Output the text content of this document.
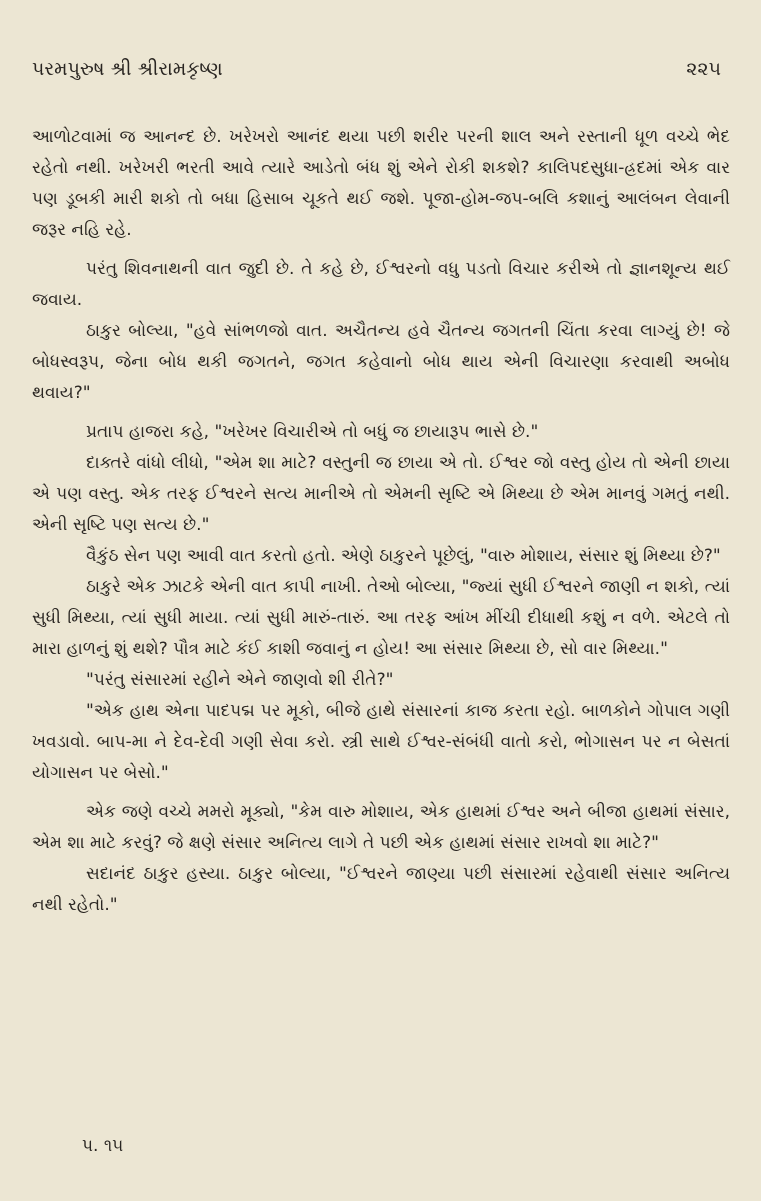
પરમપુરુષ શ્રી શ્રીરામકૃષ્ણ	૨૨૫

આળોટવામાં જ આનન્દ છે. ખરેખરો આનંદ થયા પછી શરીર પરની શાલ અને રસ્તાની ધૂળ વચ્ચે ભેદ રહેતો નથી. ખરેખરી ભરતી આવે ત્યારે આડેતો બંધ શું એને રોકી શકશે? કાલિપદસુધા-હ્રદમાં એક વાર પણ ડૂબકી મારી શકો તો બધા હિસાબ ચૂકતે થઈ જશે. પૂજા-હોમ-જપ-બલિ કશાનું આલંબન લેવાની જરૂર નહિ રહે.

પરંતુ શિવનાથની વાત જુદી છે. તે કહે છે, ઈશ્વરનો વધુ પડતો વિચાર કરીએ તો જ્ઞાનશૂન્ય થઈ જવાય.

ઠાકુર બોલ્યા, "હવે સાંભળજો વાત. અચૈતન્ય હવે ચૈતન્ય જગતની ચિંતા કરવા લાગ્યું છે! જે બોધસ્વરૂપ, જેના બોધ થકી જગતને, જગત કહેવાનો બોધ થાય એની વિચારણા કરવાથી અબોધ થવાય?"

પ્રતાપ હાજરા કહે, "ખરેખર વિચારીએ તો બધું જ છાયારૂપ ભાસે છે."

દાક્તરે વાંધો લીધો, "એમ શા માટે? વસ્તુની જ છાયા એ તો. ઈશ્વર જો વસ્તુ હોય તો એની છાયા એ પણ વસ્તુ. એક તરફ ઈશ્વરને સત્ય માનીએ તો એમની સૃષ્ટિ એ મિથ્યા છે એમ માનવું ગમતું નથી. એની સૃષ્ટિ પણ સત્ય છે."

વૈકુંઠ સેન પણ આવી વાત કરતો હતો. એણે ઠાકુરને પૂછેલું, "વારુ મોશાય, સંસાર શું મિથ્યા છે?"

ઠાકુરે એક ઝાટકે એની વાત કાપી નાખી. તેઓ બોલ્યા, "જ્યાં સુધી ઈશ્વરને જાણી ન શકો, ત્યાં સુધી મિથ્યા, ત્યાં સુધી માયા. ત્યાં સુધી મારું-તારું. આ તરફ આંખ મીંચી દીધાથી કશું ન વળે. એટલે તો મારા હાળનું શું થશે? પૌત્ર માટે કંઈ કાશી જવાનું ન હોય! આ સંસાર મિથ્યા છે, સો વાર મિથ્યા."

"પરંતુ સંસારમાં રહીને એને જાણવો શી રીતે?"

"એક હાથ એના પાદપદ્મ પર મૂકો, બીજે હાથે સંસારનાં કાજ કરતા રહો. બાળકોને ગોપાલ ગણી ખવડાવો. બાપ-મા ને દેવ-દેવી ગણી સેવા કરો. સ્ત્રી સાથે ઈશ્વર-સંબંધી વાતો કરો, ભોગાસન પર ન બેસતાં યોગાસન પર બેસો."

એક જણે વચ્ચે મમરો મૂક્યો, "કેમ વારુ મોશાય, એક હાથમાં ઈશ્વર અને બીજા હાથમાં સંસાર, એમ શા માટે કરવું? જે ક્ષણે સંસાર અનિત્ય લાગે તે પછી એક હાથમાં સંસાર રાખવો શા માટે?"

સદાનંદ ઠાકુર હસ્યા. ઠાકુર બોલ્યા, "ઈશ્વરને જાણ્યા પછી સંસારમાં રહેવાથી સંસાર અનિત્ય નથી રહેતો."

પ. ૧૫
